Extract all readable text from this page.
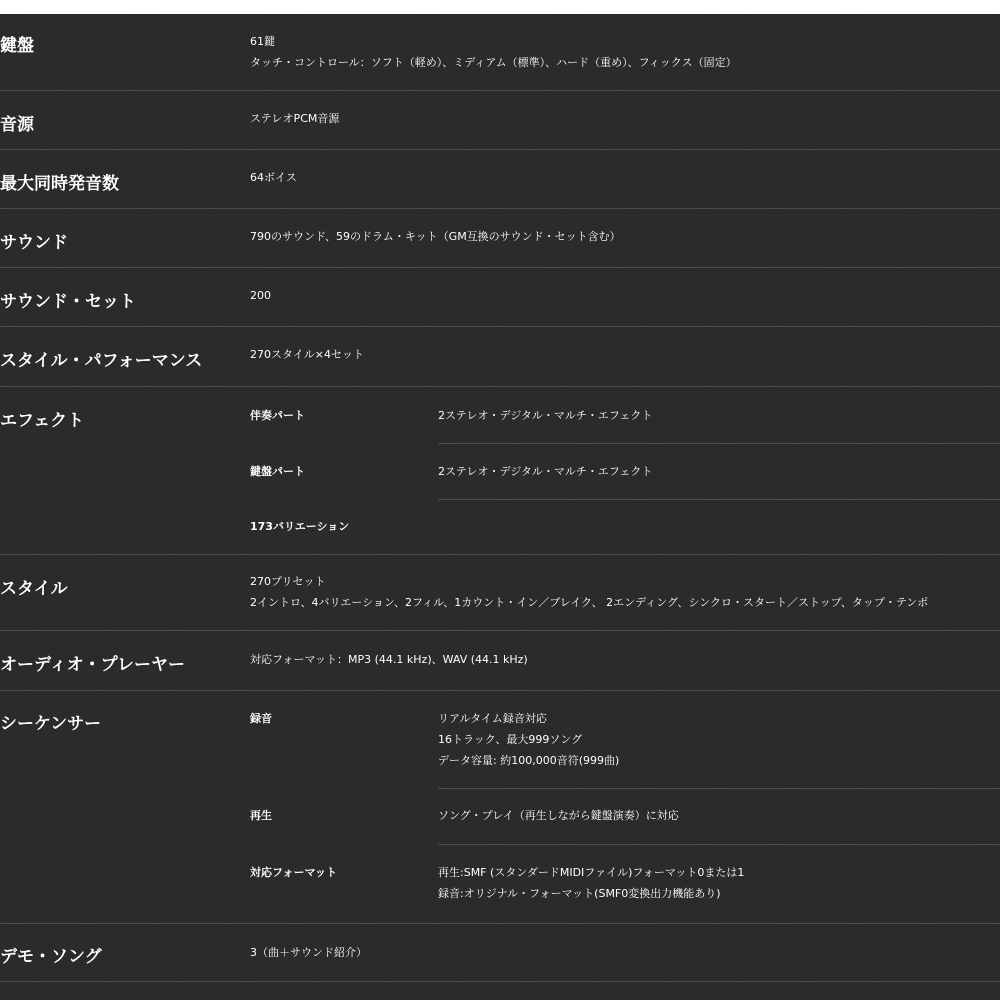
鍵盤	61鍵
タッチ・コントロール：ソフト（軽め）、ミディアム（標準）、ハード（重め）、フィックス（固定）
音源	ステレオPCM音源
最大同時発音数	64ボイス
サウンド	790のサウンド、59のドラム・キット（GM互換のサウンド・セット含む）
サウンド・セット	200
スタイル・パフォーマンス	270スタイル×4セット
エフェクト	伴奏パート	2ステレオ・デジタル・マルチ・エフェクト
鍵盤パート	2ステレオ・デジタル・マルチ・エフェクト
173バリエーション
スタイル	270プリセット
2イントロ、4バリエーション、2フィル、1カウント・イン／ブレイク、 2エンディング、シンクロ・スタート／ストップ、タップ・テンポ
オーディオ・プレーヤー	対応フォーマット：MP3 (44.1 kHz)、WAV (44.1 kHz)
シーケンサー	録音	リアルタイム録音対応
16トラック、最大999ソング
データ容量: 約100,000音符(999曲)
再生	ソング・プレイ（再生しながら鍵盤演奏）に対応
対応フォーマット	再生:SMF (スタンダードMIDIファイル)フォーマット0または1
録音:オリジナル・フォーマット(SMF0変換出力機能あり)
デモ・ソング	3（曲＋サウンド紹介）
